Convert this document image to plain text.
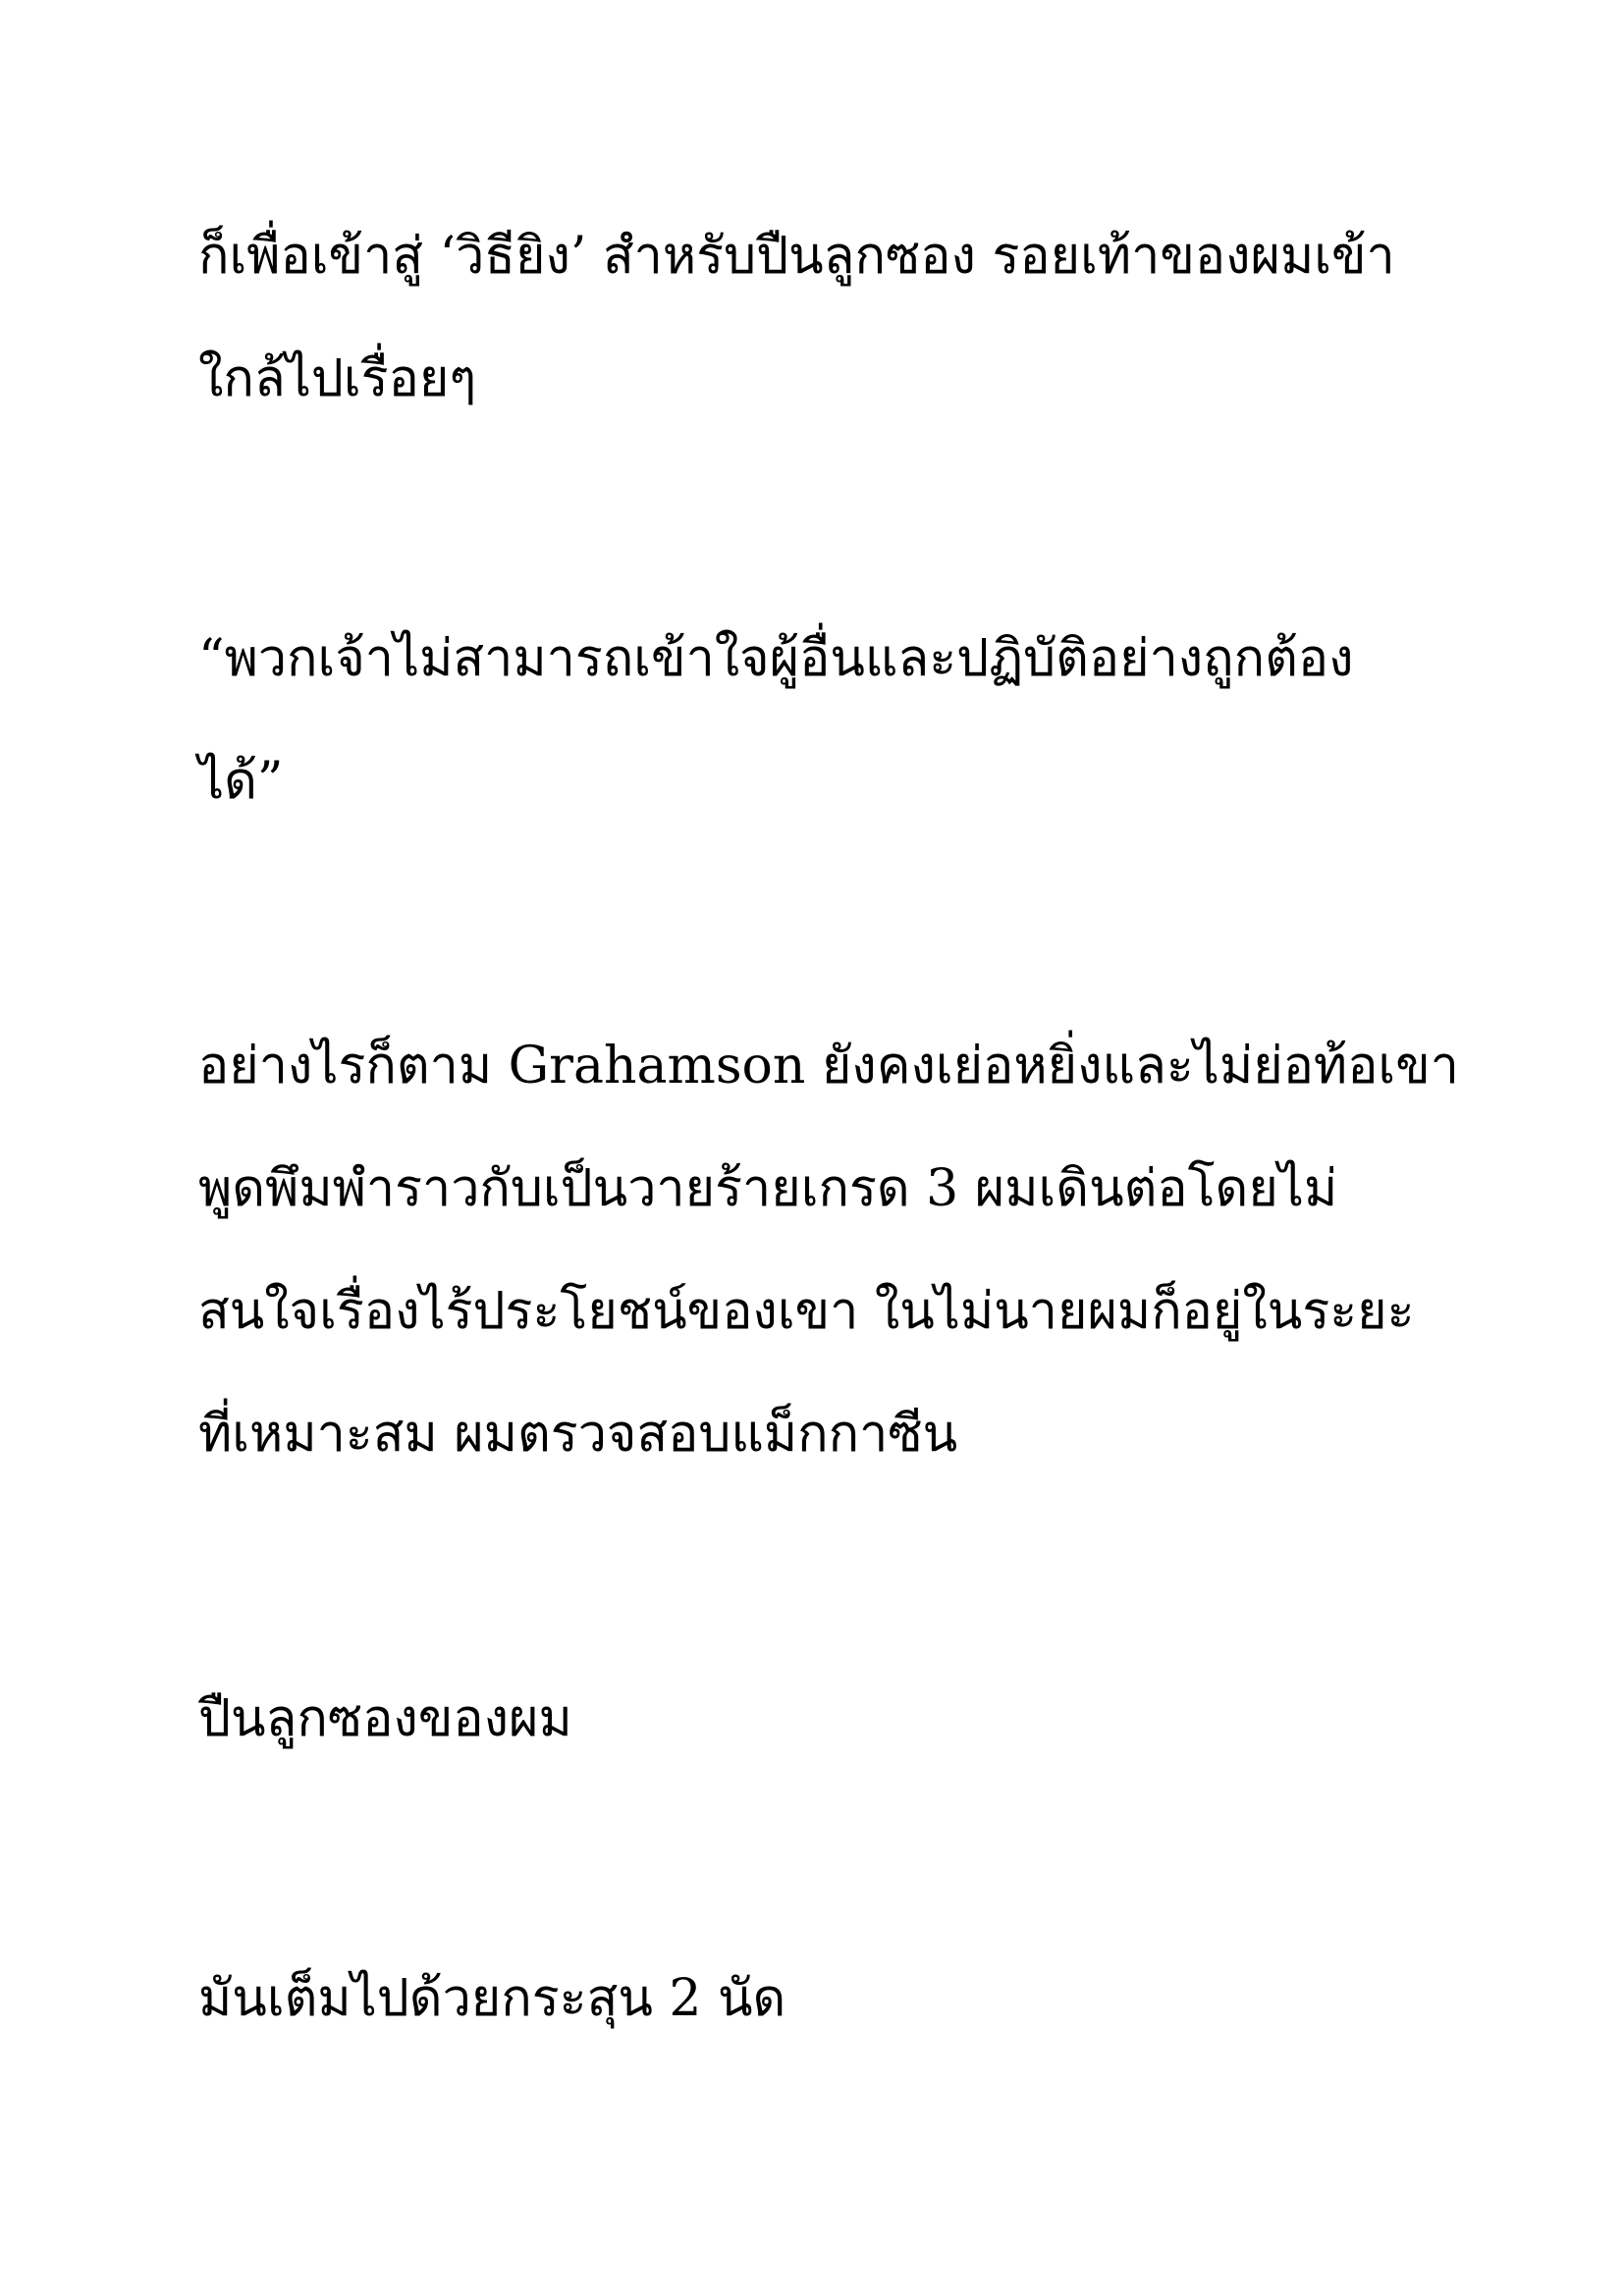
ก็เพื่อเข้าสู่ ‘วิธียิง’ สำหรับปืนลูกซอง รอยเท้าของผมเข้า
ใกล้ไปเรื่อยๆ
“พวกเจ้าไม่สามารถเข้าใจผู้อื่นและปฏิบัติอย่างถูกต้อง
ได้”
อย่างไรก็ตาม Grahamson ยังคงเย่อหยิ่งและไม่ย่อท้อเขา
พูดพึมพำราวกับเป็นวายร้ายเกรด 3 ผมเดินต่อโดยไม่
สนใจเรื่องไร้ประโยชน์ของเขา ในไม่นายผมก็อยู่ในระยะ
ที่เหมาะสม ผมตรวจสอบแม็กกาซีน
ปืนลูกซองของผม
มันเต็มไปด้วยกระสุน 2 นัด
